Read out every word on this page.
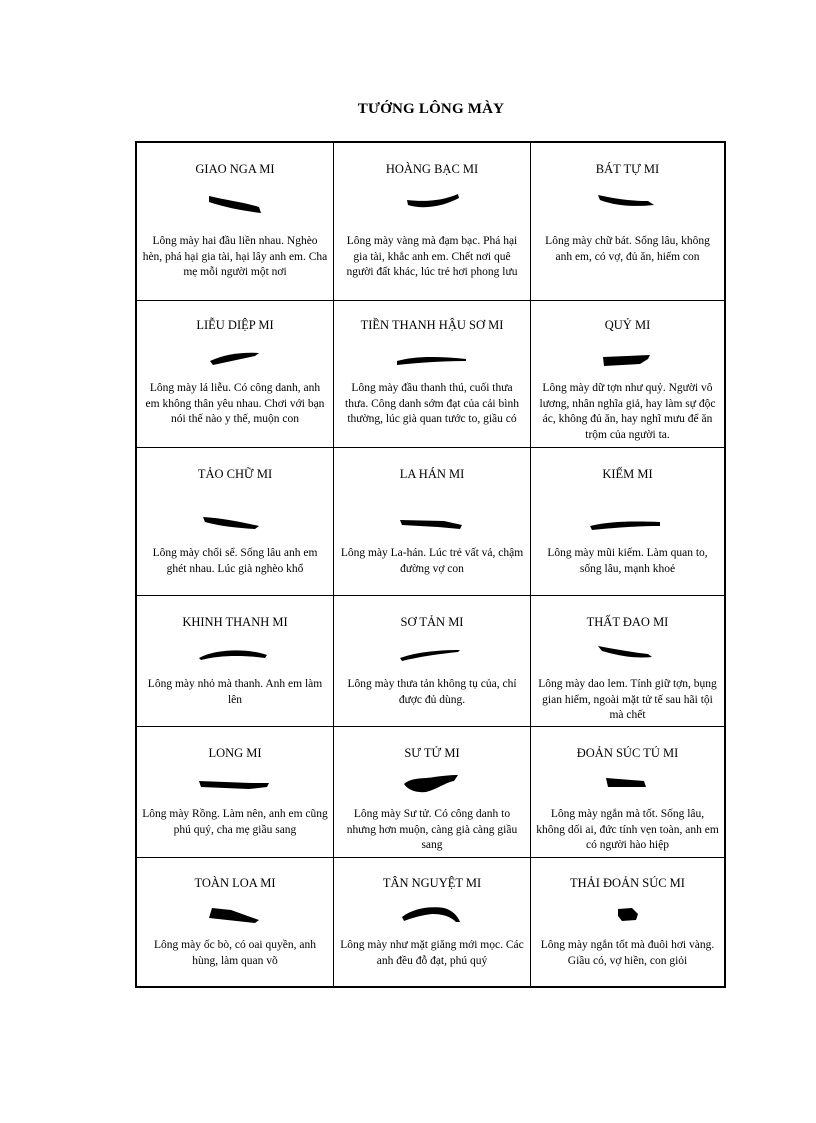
TƯỚNG LÔNG MÀY
GIAO NGA MI
Lông mày hai đầu liền nhau. Nghèo hèn, phá hại gia tài, hại lây anh em. Cha mẹ mỗi người một nơi
HOÀNG BẠC MI
Lông mày vàng mà đạm bạc. Phá hại gia tài, khắc anh em. Chết nơi quê người đất khác, lúc trẻ hơi phong lưu
BÁT TỰ MI
Lông mày chữ bát. Sống lâu, không anh em, có vợ, đủ ăn, hiếm con
LIỄU DIỆP MI
Lông mày lá liễu. Có công danh, anh em không thân yêu nhau. Chơi với bạn nói thế nào y thế, muộn con
TIỀN THANH HẬU SƠ MI
Lông mày đầu thanh thú, cuối thưa thưa. Công danh sớm đạt của cải bình thường, lúc già quan tước to, giầu có
QUỶ MI
Lông mày dữ tợn như quỷ. Người vô lương, nhân nghĩa giả, hay làm sự độc ác, không đủ ăn, hay nghĩ mưu để ăn trộm của người ta.
TẢO CHỮ MI
Lông mày chổi sể. Sống lâu anh em ghét nhau. Lúc già nghèo khổ
LA HÁN MI
Lông mày La-hán. Lúc trẻ vất vả, chậm đường vợ con
KIẾM MI
Lông mày mũi kiếm. Làm quan to, sống lâu, mạnh khoẻ
KHINH THANH MI
Lông mày nhỏ mà thanh. Anh em làm lên
SƠ TẢN MI
Lông mày thưa tản không tụ của, chỉ được đủ dùng.
THẤT ĐAO MI
Lông mày dao lem. Tính giữ tợn, bụng gian hiểm, ngoài mặt tử tế sau hãi tội mà chết
LONG MI
Lông mày Rồng. Làm nên, anh em cũng phú quý, cha mẹ giầu sang
SƯ TỬ MI
Lông mày Sư tử. Có công danh to nhưng hơn muộn, càng già càng giầu sang
ĐOẢN SÚC TÚ MI
Lông mày ngắn mà tốt. Sống lâu, không dối ai, đức tính vẹn toàn, anh em có người hào hiệp
TOÀN LOA MI
Lông mày ốc bò, có oai quyền, anh hùng, làm quan võ
TÂN NGUYỆT MI
Lông mày như mặt giăng mới mọc. Các anh đều đỗ đạt, phú quý
THẢI ĐOẢN SÚC MI
Lông mày ngắn tốt mà đuôi hơi vàng. Giầu có, vợ hiền, con giỏi
